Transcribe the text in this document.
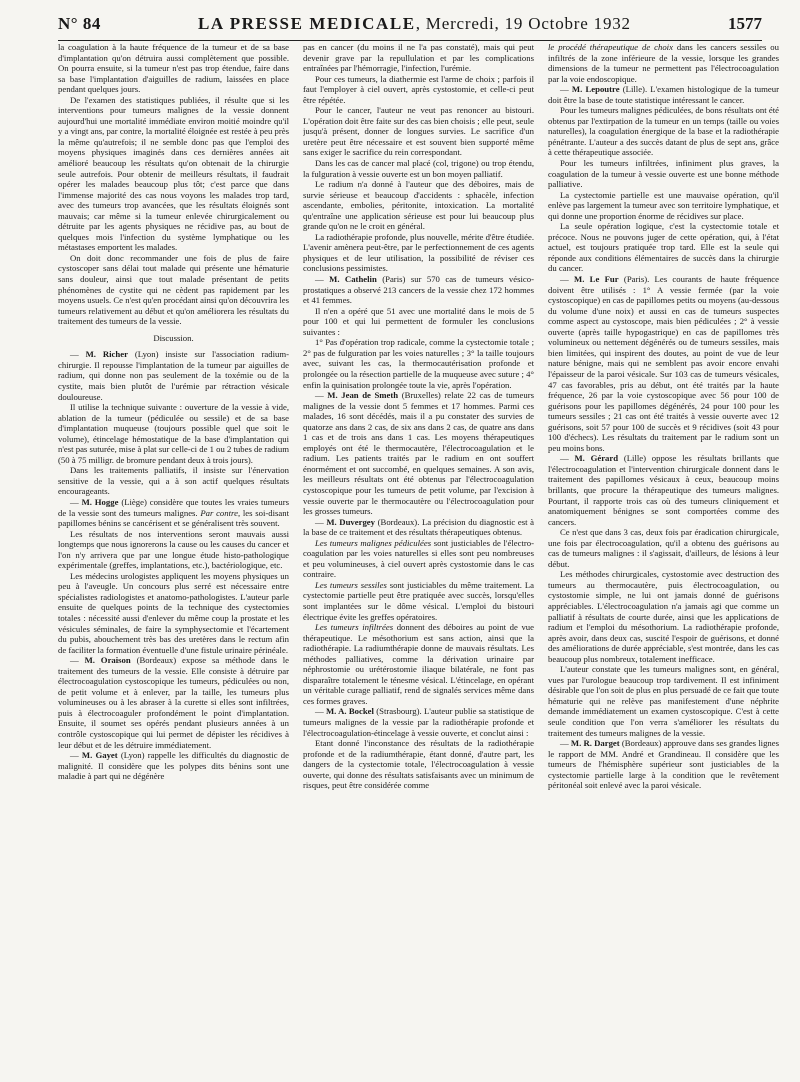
N° 84	LA PRESSE MEDICALE, Mercredi, 19 Octobre 1932	1577

la coagulation à la haute fréquence de la tumeur et de sa base d'implantation qu'on détruira aussi complètement que possible. On pourra ensuite, si la tumeur n'est pas trop étendue, faire dans sa base l'implantation d'aiguilles de radium, laissées en place pendant quelques jours.

De l'examen des statistiques publiées, il résulte que si les interventions pour tumeurs malignes de la vessie donnent aujourd'hui une mortalité immédiate environ moitié moindre qu'il y a vingt ans, par contre, la mortalité éloignée est restée à peu près la même qu'autrefois; il ne semble donc pas que l'emploi des moyens physiques imaginés dans ces dernières années ait amélioré beaucoup les résultats qu'on obtenait de la chirurgie seule autrefois. Pour obtenir de meilleurs résultats, il faudrait opérer les malades beaucoup plus tôt; c'est parce que dans l'immense majorité des cas nous voyons les malades trop tard, avec des tumeurs trop avancées, que les résultats éloignés sont mauvais; car même si la tumeur enlevée chirurgicalement ou détruite par les agents physiques ne récidive pas, au bout de quelques mois l'infection du système lymphatique ou les métastases emportent les malades.

On doit donc recommander une fois de plus de faire cystoscoper sans délai tout malade qui présente une hématurie sans douleur, ainsi que tout malade présentant de petits phénomènes de cystite qui ne cèdent pas rapidement par les moyens usuels. Ce n'est qu'en procédant ainsi qu'on découvrira les tumeurs relativement au début et qu'on améliorera les résultats du traitement des tumeurs de la vessie.

Discussion.

— M. Richer (Lyon) insiste sur l'association radium-chirurgie. Il repousse l'implantation de la tumeur par aiguilles de radium, qui donne non pas seulement de la toxémie ou de la cystite, mais bien plutôt de l'urémie par rétraction vésicale douloureuse.

Il utilise la technique suivante : ouverture de la vessie à vide, ablation de la tumeur (pédiculée ou sessile) et de sa base d'implantation muqueuse (toujours possible quel que soit le volume), étincelage hémostatique de la base d'implantation qui n'est pas suturée, mise à plat sur celle-ci de 1 ou 2 tubes de radium (50 à 75 milligr. de bromure pendant deux à trois jours).

Dans les traitements palliatifs, il insiste sur l'énervation sensitive de la vessie, qui a à son actif quelques résultats encourageants.

— M. Hogge (Liège) considère que toutes les vraies tumeurs de la vessie sont des tumeurs malignes. Par contre, les soi-disant papillomes bénins se cancérisent et se généralisent très souvent.

Les résultats de nos interventions seront mauvais aussi longtemps que nous ignorerons la cause ou les causes du cancer et l'on n'y arrivera que par une longue étude histo-pathologique expérimentale (greffes, implantations, etc.), bactériologique, etc.

Les médecins urologistes appliquent les moyens physiques un peu à l'aveugle. Un concours plus serré est nécessaire entre spécialistes radiologistes et anatomo-pathologistes. L'auteur parle ensuite de quelques points de la technique des cystectomies totales : nécessité aussi d'enlever du même coup la prostate et les vésicules séminales, de faire la symphysectomie et l'écartement du pubis, abouchement très bas des uretères dans le rectum afin de faciliter la formation éventuelle d'une fistule urinaire périnéale.

— M. Oraison (Bordeaux) expose sa méthode dans le traitement des tumeurs de la vessie. Elle consiste à détruire par électrocoagulation cystoscopique les tumeurs, pédiculées ou non, de petit volume et à enlever, par la taille, les tumeurs plus volumineuses ou à les abraser à la curette si elles sont infiltrées, puis à électrocoaguler profondément le point d'implantation. Ensuite, il soumet ses opérés pendant plusieurs années à un contrôle cystoscopique qui lui permet de dépister les récidives à leur début et de les détruire immédiatement.

— M. Gayet (Lyon) rappelle les difficultés du diagnostic de malignité. Il considère que les polypes dits bénins sont une maladie à part qui ne dégénère

pas en cancer (du moins il ne l'a pas constaté), mais qui peut devenir grave par la repullulation et par les complications entraînées par l'hémorragie, l'infection, l'urémie.

Pour ces tumeurs, la diathermie est l'arme de choix ; parfois il faut l'employer à ciel ouvert, après cystostomie, et celle-ci peut être répétée.

Pour le cancer, l'auteur ne veut pas renoncer au bistouri. L'opération doit être faite sur des cas bien choisis ; elle peut, seule jusqu'à présent, donner de longues survies. Le sacrifice d'un uretère peut être nécessaire et est souvent bien supporté même sans exiger le sacrifice du rein correspondant.

Dans les cas de cancer mal placé (col, trigone) ou trop étendu, la fulguration à vessie ouverte est un bon moyen palliatif.

Le radium n'a donné à l'auteur que des déboires, mais de survie sérieuse et beaucoup d'accidents : sphacèle, infection ascendante, embolies, péritonite, intoxication. La mortalité qu'entraîne une application sérieuse est pour lui beaucoup plus grande qu'on ne le croit en général.

La radiothérapie profonde, plus nouvelle, mérite d'être étudiée. L'avenir amènera peut-être, par le perfectionnement de ces agents physiques et de leur utilisation, la possibilité de réviser ces conclusions pessimistes.

— M. Cathelin (Paris) sur 570 cas de tumeurs vésico-prostatiques a observé 213 cancers de la vessie chez 172 hommes et 41 femmes.

Il n'en a opéré que 51 avec une mortalité dans le mois de 5 pour 100 et qui lui permettent de formuler les conclusions suivantes :

1° Pas d'opération trop radicale, comme la cystectomie totale ; 2° pas de fulguration par les voies naturelles ; 3° la taille toujours avec, suivant les cas, la thermocautérisation profonde et prolongée ou la résection partielle de la muqueuse avec suture ; 4° enfin la quinisation prolongée toute la vie, après l'opération.

— M. Jean de Smeth (Bruxelles) relate 22 cas de tumeurs malignes de la vessie dont 5 femmes et 17 hommes. Parmi ces malades, 16 sont décédés, mais il a pu constater des survies de quatorze ans dans 2 cas, de six ans dans 2 cas, de quatre ans dans 1 cas et de trois ans dans 1 cas. Les moyens thérapeutiques employés ont été le thermocautère, l'électrocoagulation et le radium. Les patients traités par le radium en ont souffert énormément et ont succombé, en quelques semaines. A son avis, les meilleurs résultats ont été obtenus par l'électrocoagulation cystoscopique pour les tumeurs de petit volume, par l'excision à vessie ouverte par le thermocautère ou l'électrocoagulation pour les grosses tumeurs.

— M. Duvergey (Bordeaux). La précision du diagnostic est à la base de ce traitement et des résultats thérapeutiques obtenus.

Les tumeurs malignes pédiculées sont justiciables de l'électro-coagulation par les voies naturelles si elles sont peu nombreuses et peu volumineuses, à ciel ouvert après cystostomie dans le cas contraire.

Les tumeurs sessiles sont justiciables du même traitement. La cystectomie partielle peut être pratiquée avec succès, lorsqu'elles sont implantées sur le dôme vésical. L'emploi du bistouri électrique évite les greffes opératoires.

Les tumeurs infiltrées donnent des déboires au point de vue thérapeutique. Le mésothorium est sans action, ainsi que la radiothérapie. La radiumthérapie donne de mauvais résultats. Les méthodes palliatives, comme la dérivation urinaire par néphrostomie ou urétérostomie iliaque bilatérale, ne font pas disparaître totalement le ténesme vésical. L'étincelage, en opérant un véritable curage palliatif, rend de signalés services même dans ces formes graves.

— M. A. Bockel (Strasbourg). L'auteur publie sa statistique de tumeurs malignes de la vessie par la radiothérapie profonde et l'électrocoagulation-étincelage à vessie ouverte, et conclut ainsi :

Etant donné l'inconstance des résultats de la radiothérapie profonde et de la radiumthérapie, étant donné, d'autre part, les dangers de la cystectomie totale, l'électrocoagulation à vessie ouverte, qui donne des résultats satisfaisants avec un minimum de risques, peut être considérée comme

le procédé thérapeutique de choix dans les cancers sessiles ou infiltrés de la zone inférieure de la vessie, lorsque les grandes dimensions de la tumeur ne permettent pas l'électrocoagulation par la voie endoscopique.

— M. Lepoutre (Lille). L'examen histologique de la tumeur doit être la base de toute statistique intéressant le cancer.

Pour les tumeurs malignes pédiculées, de bons résultats ont été obtenus par l'extirpation de la tumeur en un temps (taille ou voies naturelles), la coagulation énergique de la base et la radiothérapie pénétrante. L'auteur a des succès datant de plus de sept ans, grâce à cette thérapeutique associée.

Pour les tumeurs infiltrées, infiniment plus graves, la coagulation de la tumeur à vessie ouverte est une bonne méthode palliative.

La cystectomie partielle est une mauvaise opération, qu'il enlève pas largement la tumeur avec son territoire lymphatique, et qui donne une proportion énorme de récidives sur place.

La seule opération logique, c'est la cystectomie totale et précoce. Nous ne pouvons juger de cette opération, qui, à l'état actuel, est toujours pratiquée trop tard. Elle est la seule qui réponde aux conditions élémentaires de succès dans la chirurgie du cancer.

— M. Le Fur (Paris). Les courants de haute fréquence doivent être utilisés : 1° A vessie fermée (par la voie cystoscopique) en cas de papillomes petits ou moyens (au-dessous du volume d'une noix) et aussi en cas de tumeurs suspectes comme aspect au cystoscope, mais bien pédiculées ; 2° à vessie ouverte (après taille hypogastrique) en cas de papillomes très volumineux ou nettement dégénérés ou de tumeurs sessiles, mais bien limitées, qui inspirent des doutes, au point de vue de leur nature bénigne, mais qui ne semblent pas avoir encore envahi l'épaisseur de la paroi vésicale. Sur 103 cas de tumeurs vésicales, 47 cas favorables, pris au début, ont été traités par la haute fréquence, 26 par la voie cystoscopique avec 56 pour 100 de guérisons pour les papillomes dégénérés, 24 pour 100 pour les tumeurs sessiles ; 21 cas ont été traités à vessie ouverte avec 12 guérisons, soit 57 pour 100 de succès et 9 récidives (soit 43 pour 100 d'échecs). Les résultats du traitement par le radium sont un peu moins bons.

— M. Gérard (Lille) oppose les résultats brillants que l'électrocoagulation et l'intervention chirurgicale donnent dans le traitement des papillomes vésicaux à ceux, beaucoup moins brillants, que procure la thérapeutique des tumeurs malignes. Pourtant, il rapporte trois cas où des tumeurs cliniquement et anatomiquement bénignes se sont comportées comme des cancers.

Ce n'est que dans 3 cas, deux fois par éradication chirurgicale, une fois par électrocoagulation, qu'il a obtenu des guérisons au cas de tumeurs malignes : il s'agissait, d'ailleurs, de lésions à leur début.

Les méthodes chirurgicales, cystostomie avec destruction des tumeurs au thermocautère, puis électrocoagulation, ou cystostomie simple, ne lui ont jamais donné de guérisons appréciables. L'électrocoagulation n'a jamais agi que comme un palliatif à résultats de courte durée, ainsi que les applications de radium et l'emploi du mésothorium. La radiothérapie profonde, après avoir, dans deux cas, suscité l'espoir de guérisons, et donné des améliorations de durée appréciable, s'est montrée, dans les cas beaucoup plus nombreux, totalement inefficace.

L'auteur constate que les tumeurs malignes sont, en général, vues par l'urologue beaucoup trop tardivement. Il est infiniment désirable que l'on soit de plus en plus persuadé de ce fait que toute hématurie qui ne relève pas manifestement d'une néphrite demande immédiatement un examen cystoscopique. C'est à cette seule condition que l'on verra s'améliorer les résultats du traitement des tumeurs malignes de la vessie.

— M. R. Darget (Bordeaux) approuve dans ses grandes lignes le rapport de MM. André et Grandineau. Il considère que les tumeurs de l'hémisphère supérieur sont justiciables de la cystectomie partielle large à la condition que le revêtement péritonéal soit enlevé avec la paroi vésicale.
